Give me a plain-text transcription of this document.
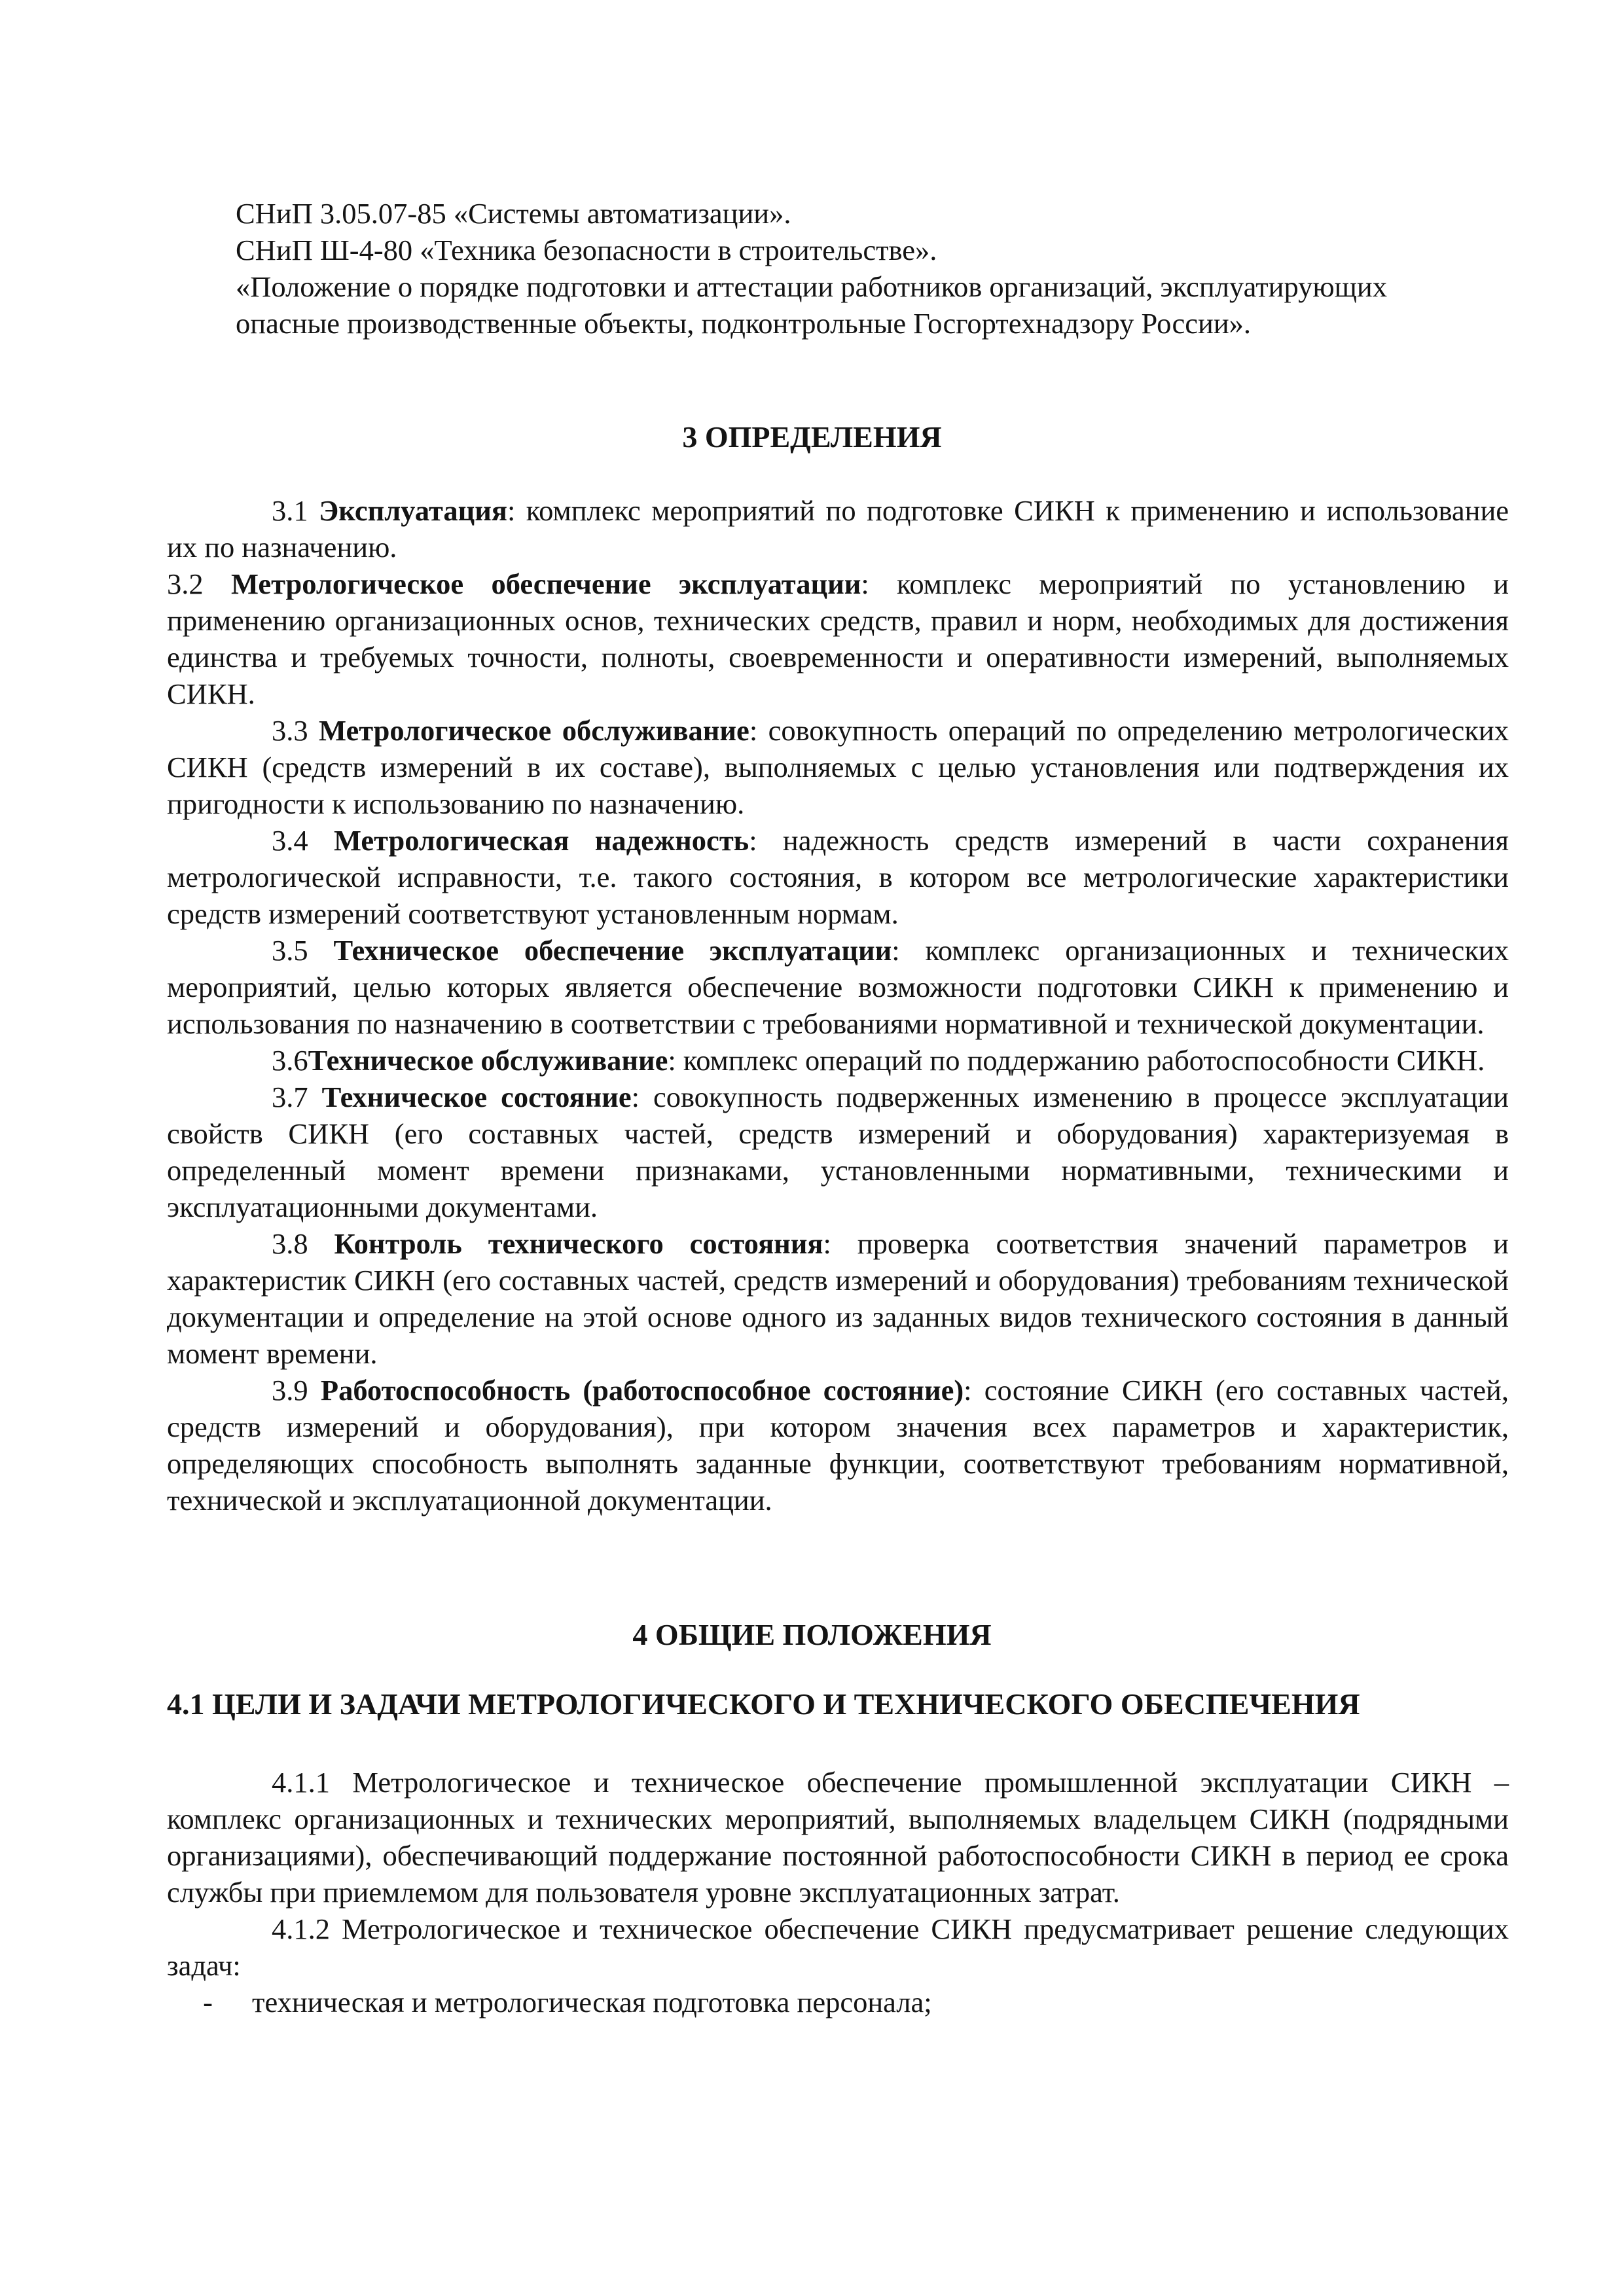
СНиП 3.05.07-85 «Системы автоматизации».

СНиП Ш-4-80 «Техника безопасности в строительстве».

«Положение о порядке подготовки и аттестации работников организаций, эксплуатирующих опасные производственные объекты, подконтрольные Госгортехнадзору России».

3 ОПРЕДЕЛЕНИЯ

3.1 Эксплуатация: комплекс мероприятий по подготовке СИКН к применению и использование их по назначению.

3.2 Метрологическое обеспечение эксплуатации: комплекс мероприятий по установлению и применению организационных основ, технических средств, правил и норм, необходимых для достижения единства и требуемых точности, полноты, своевременности и оперативности измерений, выполняемых СИКН.

3.3 Метрологическое обслуживание: совокупность операций по определению метрологических СИКН (средств измерений в их составе), выполняемых с целью установления или подтверждения их пригодности к использованию по назначению.

3.4 Метрологическая надежность: надежность средств измерений в части сохранения метрологической исправности, т.е. такого состояния, в котором все метрологические характеристики средств измерений соответствуют установленным нормам.

3.5 Техническое обеспечение эксплуатации: комплекс организационных и технических мероприятий, целью которых является обеспечение возможности подготовки СИКН к применению и использования по назначению в соответствии с требованиями нормативной и технической документации.

3.6Техническое обслуживание: комплекс операций по поддержанию работоспособности СИКН.

3.7 Техническое состояние: совокупность подверженных изменению в процессе эксплуатации свойств СИКН (его составных частей, средств измерений и оборудования) характеризуемая в определенный момент времени признаками, установленными нормативными, техническими и эксплуатационными документами.

3.8 Контроль технического состояния: проверка соответствия значений параметров и характеристик СИКН (его составных частей, средств измерений и оборудования) требованиям технической документации и определение на этой основе одного из заданных видов технического состояния в данный момент времени.

3.9 Работоспособность (работоспособное состояние): состояние СИКН (его составных частей, средств измерений и оборудования), при котором значения всех параметров и характеристик, определяющих способность выполнять заданные функции, соответствуют требованиям нормативной, технической и эксплуатационной документации.

4 ОБЩИЕ ПОЛОЖЕНИЯ
4.1 ЦЕЛИ И ЗАДАЧИ МЕТРОЛОГИЧЕСКОГО И ТЕХНИЧЕСКОГО ОБЕСПЕЧЕНИЯ

4.1.1 Метрологическое и техническое обеспечение промышленной эксплуатации СИКН – комплекс организационных и технических мероприятий, выполняемых владельцем СИКН (подрядными организациями), обеспечивающий поддержание постоянной работоспособности СИКН в период ее срока службы при приемлемом для пользователя уровне эксплуатационных затрат.

4.1.2 Метрологическое и техническое обеспечение СИКН предусматривает решение следующих задач:

-	техническая и метрологическая подготовка персонала;
